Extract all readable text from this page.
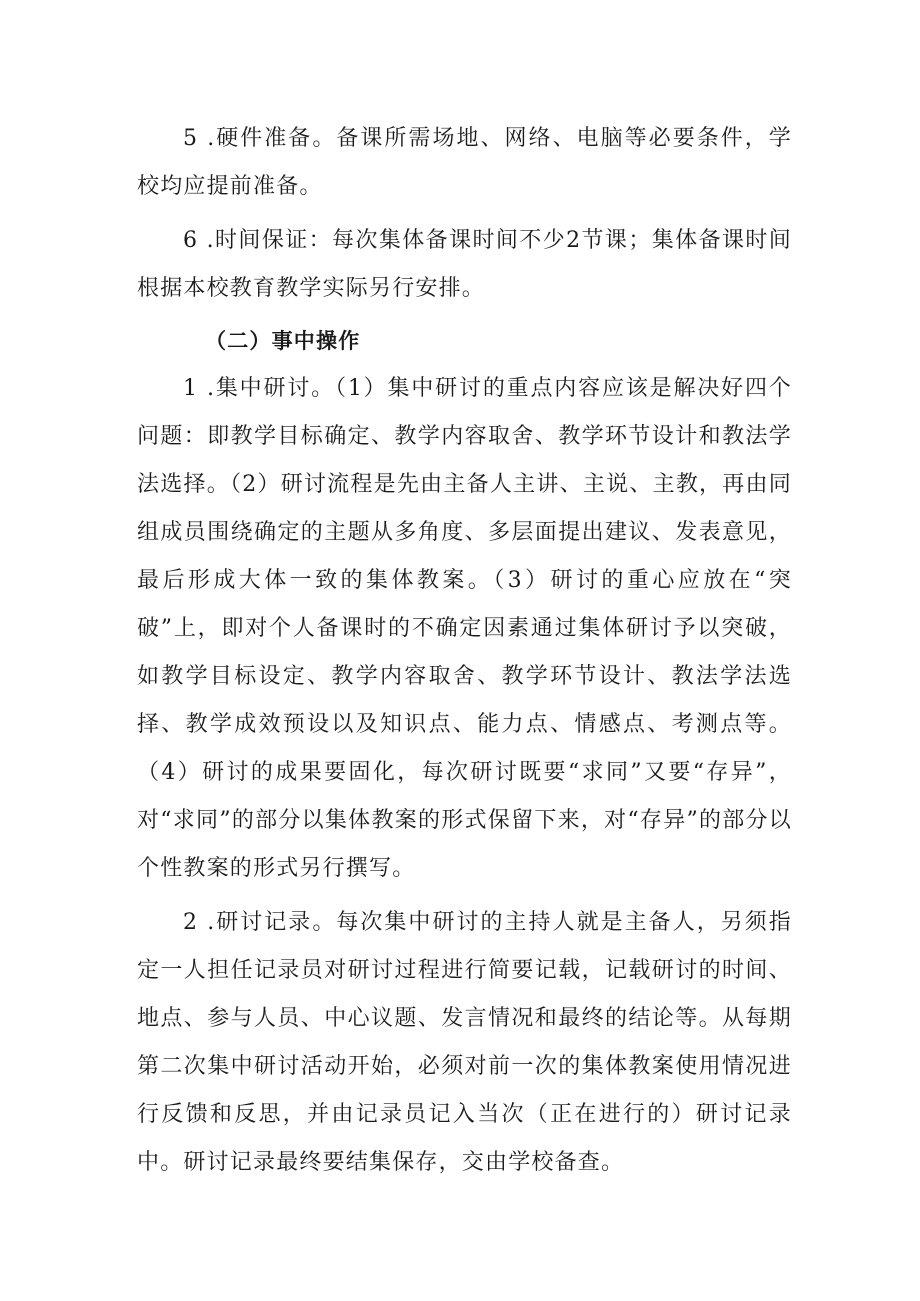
5 .硬件准备。备课所需场地、网络、电脑等必要条件，学校均应提前准备。

6 .时间保证：每次集体备课时间不少2节课；集体备课时间根据本校教育教学实际另行安排。

（二）事中操作

1 .集中研讨。（1）集中研讨的重点内容应该是解决好四个问题：即教学目标确定、教学内容取舍、教学环节设计和教法学法选择。（2）研讨流程是先由主备人主讲、主说、主教，再由同组成员围绕确定的主题从多角度、多层面提出建议、发表意见，最后形成大体一致的集体教案。（3）研讨的重心应放在“突破”上，即对个人备课时的不确定因素通过集体研讨予以突破，如教学目标设定、教学内容取舍、教学环节设计、教法学法选择、教学成效预设以及知识点、能力点、情感点、考测点等。（4）研讨的成果要固化，每次研讨既要“求同”又要“存异”，对“求同”的部分以集体教案的形式保留下来，对“存异”的部分以个性教案的形式另行撰写。

2 .研讨记录。每次集中研讨的主持人就是主备人，另须指定一人担任记录员对研讨过程进行简要记载，记载研讨的时间、地点、参与人员、中心议题、发言情况和最终的结论等。从每期第二次集中研讨活动开始，必须对前一次的集体教案使用情况进行反馈和反思，并由记录员记入当次（正在进行的）研讨记录中。研讨记录最终要结集保存，交由学校备查。
